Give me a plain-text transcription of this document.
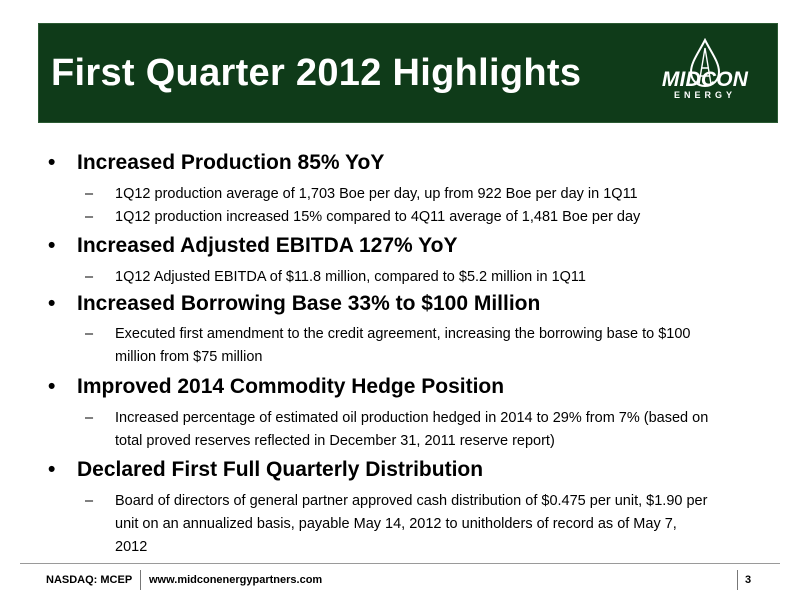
First Quarter 2012 Highlights	MIDCON
ENERGY
•	Increased Production 85% YoY
– 1Q12 production average of 1,703 Boe per day, up from 922 Boe per day in 1Q11
– 1Q12 production increased 15% compared to 4Q11 average of 1,481 Boe per day
•	Increased Adjusted EBITDA 127% YoY
– 1Q12 Adjusted EBITDA of $11.8 million, compared to $5.2 million in 1Q11
•	Increased Borrowing Base 33% to $100 Million
– Executed first amendment to the credit agreement, increasing the borrowing base to $100
million from $75 million
•	Improved 2014 Commodity Hedge Position
– Increased percentage of estimated oil production hedged in 2014 to 29% from 7% (based on
total proved reserves reflected in December 31, 2011 reserve report)
•	Declared First Full Quarterly Distribution
– Board of directors of general partner approved cash distribution of $0.475 per unit, $1.90 per
unit on an annualized basis, payable May 14, 2012 to unitholders of record as of May 7,
2012
NASDAQ: MCEP www.midconenergypartners.com	3
